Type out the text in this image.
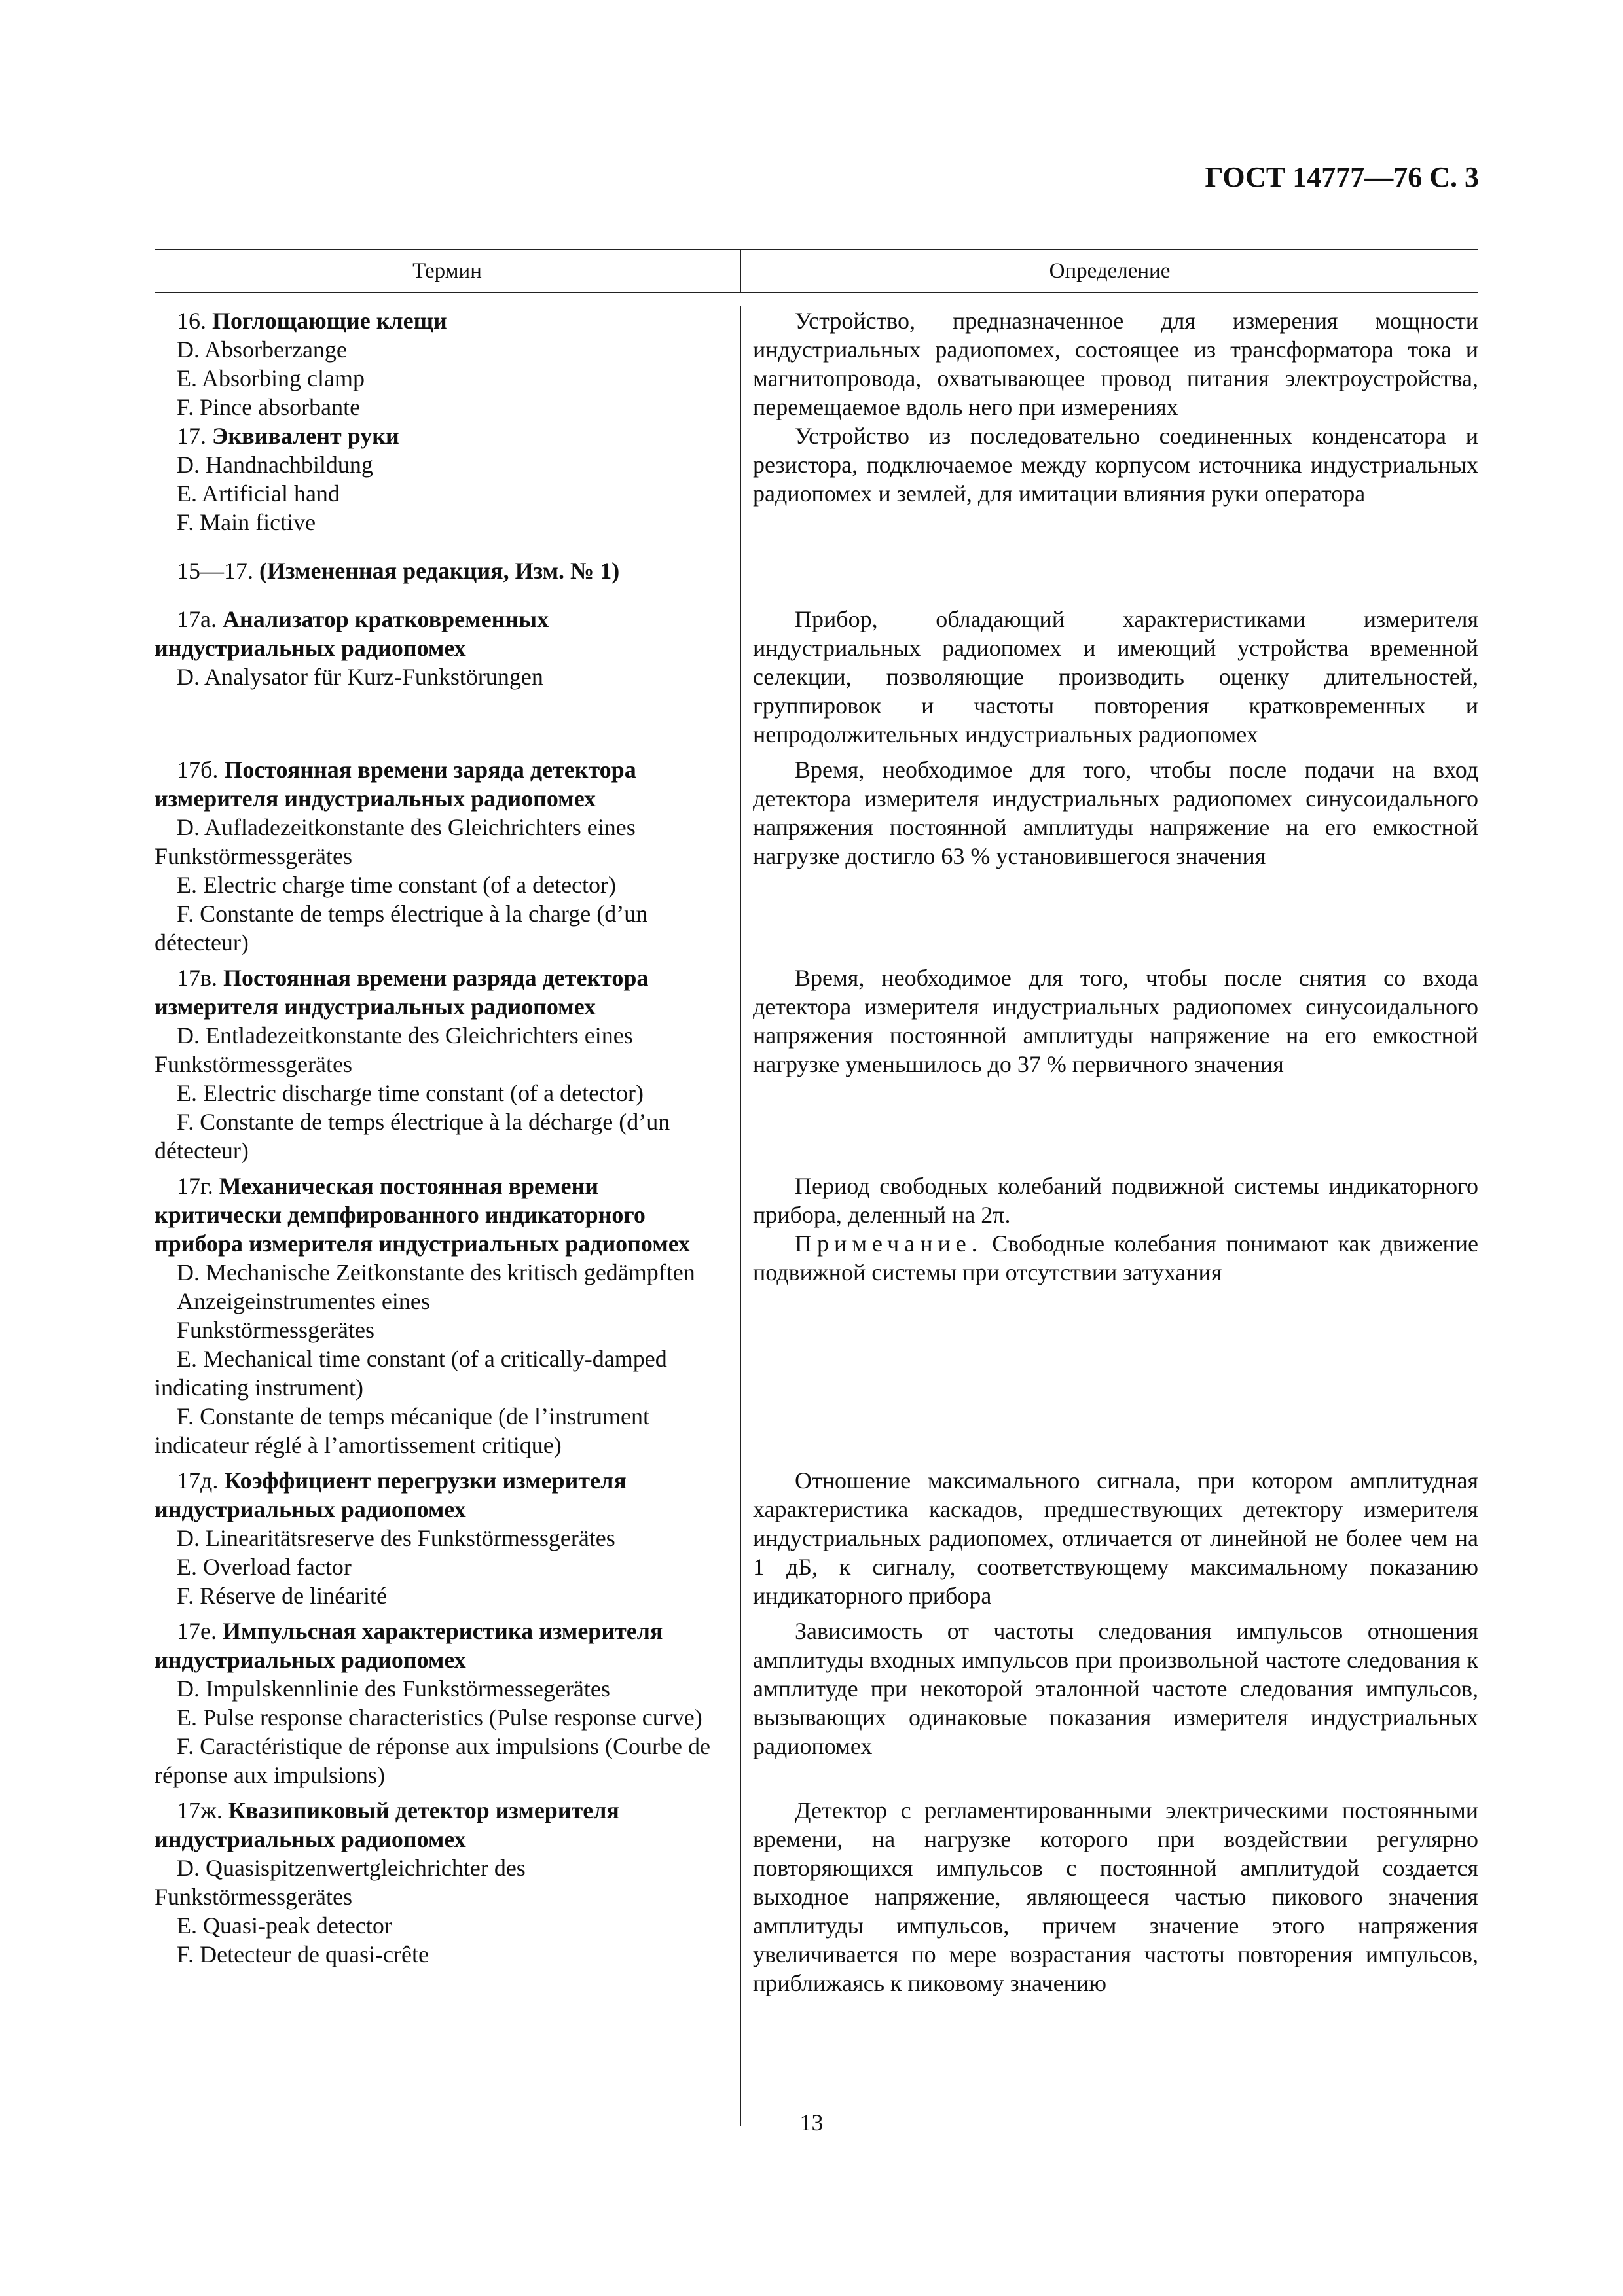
ГОСТ 14777—76 С. 3
Термин	Определение
16. Поглощающие клещи
D. Absorberzange
E. Absorbing clamp
F. Pince absorbante
Устройство, предназначенное для измерения мощности индустриальных радиопомех, состоящее из трансформатора тока и магнитопровода, охватывающее провод питания электроустройства, перемещаемое вдоль него при измерениях
17. Эквивалент руки
D. Handnachbildung
E. Artificial hand
F. Main fictive
Устройство из последовательно соединенных конденсатора и резистора, подключаемое между корпусом источника индустриальных радиопомех и землей, для имитации влияния руки оператора
15—17. (Измененная редакция, Изм. № 1)
17а. Анализатор кратковременных индустриальных радиопомех
D. Analysator für Kurz-Funkstörungen
Прибор, обладающий характеристиками измерителя индустриальных радиопомех и имеющий устройства временной селекции, позволяющие производить оценку длительностей, группировок и частоты повторения кратковременных и непродолжительных индустриальных радиопомех
17б. Постоянная времени заряда детектора измерителя индустриальных радиопомех
D. Aufladezeitkonstante des Gleichrichters eines Funkstörmessgerätes
E. Electric charge time constant (of a detector)
F. Constante de temps électrique à la charge (d’un détecteur)
Время, необходимое для того, чтобы после подачи на вход детектора измерителя индустриальных радиопомех синусоидального напряжения постоянной амплитуды напряжение на его емкостной нагрузке достигло 63 % установившегося значения
17в. Постоянная времени разряда детектора измерителя индустриальных радиопомех
D. Entladezeitkonstante des Gleichrichters eines Funkstörmessgerätes
E. Electric discharge time constant (of a detector)
F. Constante de temps électrique à la décharge (d’un détecteur)
Время, необходимое для того, чтобы после снятия со входа детектора измерителя индустриальных радиопомех синусоидального напряжения постоянной амплитуды напряжение на его емкостной нагрузке уменьшилось до 37 % первичного значения
17г. Механическая постоянная времени критически демпфированного индикаторного прибора измерителя индустриальных радиопомех
D. Mechanische Zeitkonstante des kritisch gedämpften
Anzeigeinstrumentes eines
Funkstörmessgerätes
E. Mechanical time constant (of a critically-damped indicating instrument)
F. Constante de temps mécanique (de l’instrument indicateur réglé à l’amortissement critique)
Период свободных колебаний подвижной системы индикаторного прибора, деленный на 2π.
Примечание. Свободные колебания понимают как движение подвижной системы при отсутствии затухания
17д. Коэффициент перегрузки измерителя индустриальных радиопомех
D. Linearitätsreserve des Funkstörmessgerätes
E. Overload factor
F. Réserve de linéarité
Отношение максимального сигнала, при котором амплитудная характеристика каскадов, предшествующих детектору измерителя индустриальных радиопомех, отличается от линейной не более чем на 1 дБ, к сигналу, соответствующему максимальному показанию индикаторного прибора
17е. Импульсная характеристика измерителя индустриальных радиопомех
D. Impulskennlinie des Funkstörmessegerätes
E. Pulse response characteristics (Pulse response curve)
F. Caractéristique de réponse aux impulsions (Courbe de réponse aux impulsions)
Зависимость от частоты следования импульсов отношения амплитуды входных импульсов при произвольной частоте следования к амплитуде при некоторой эталонной частоте следования импульсов, вызывающих одинаковые показания измерителя индустриальных радиопомех
17ж. Квазипиковый детектор измерителя индустриальных радиопомех
D. Quasispitzenwertgleichrichter des Funkstörmessgerätes
E. Quasi-peak detector
F. Detecteur de quasi-crête
Детектор с регламентированными электрическими постоянными времени, на нагрузке которого при воздействии регулярно повторяющихся импульсов с постоянной амплитудой создается выходное напряжение, являющееся частью пикового значения амплитуды импульсов, причем значение этого напряжения увеличивается по мере возрастания частоты повторения импульсов, приближаясь к пиковому значению
13
